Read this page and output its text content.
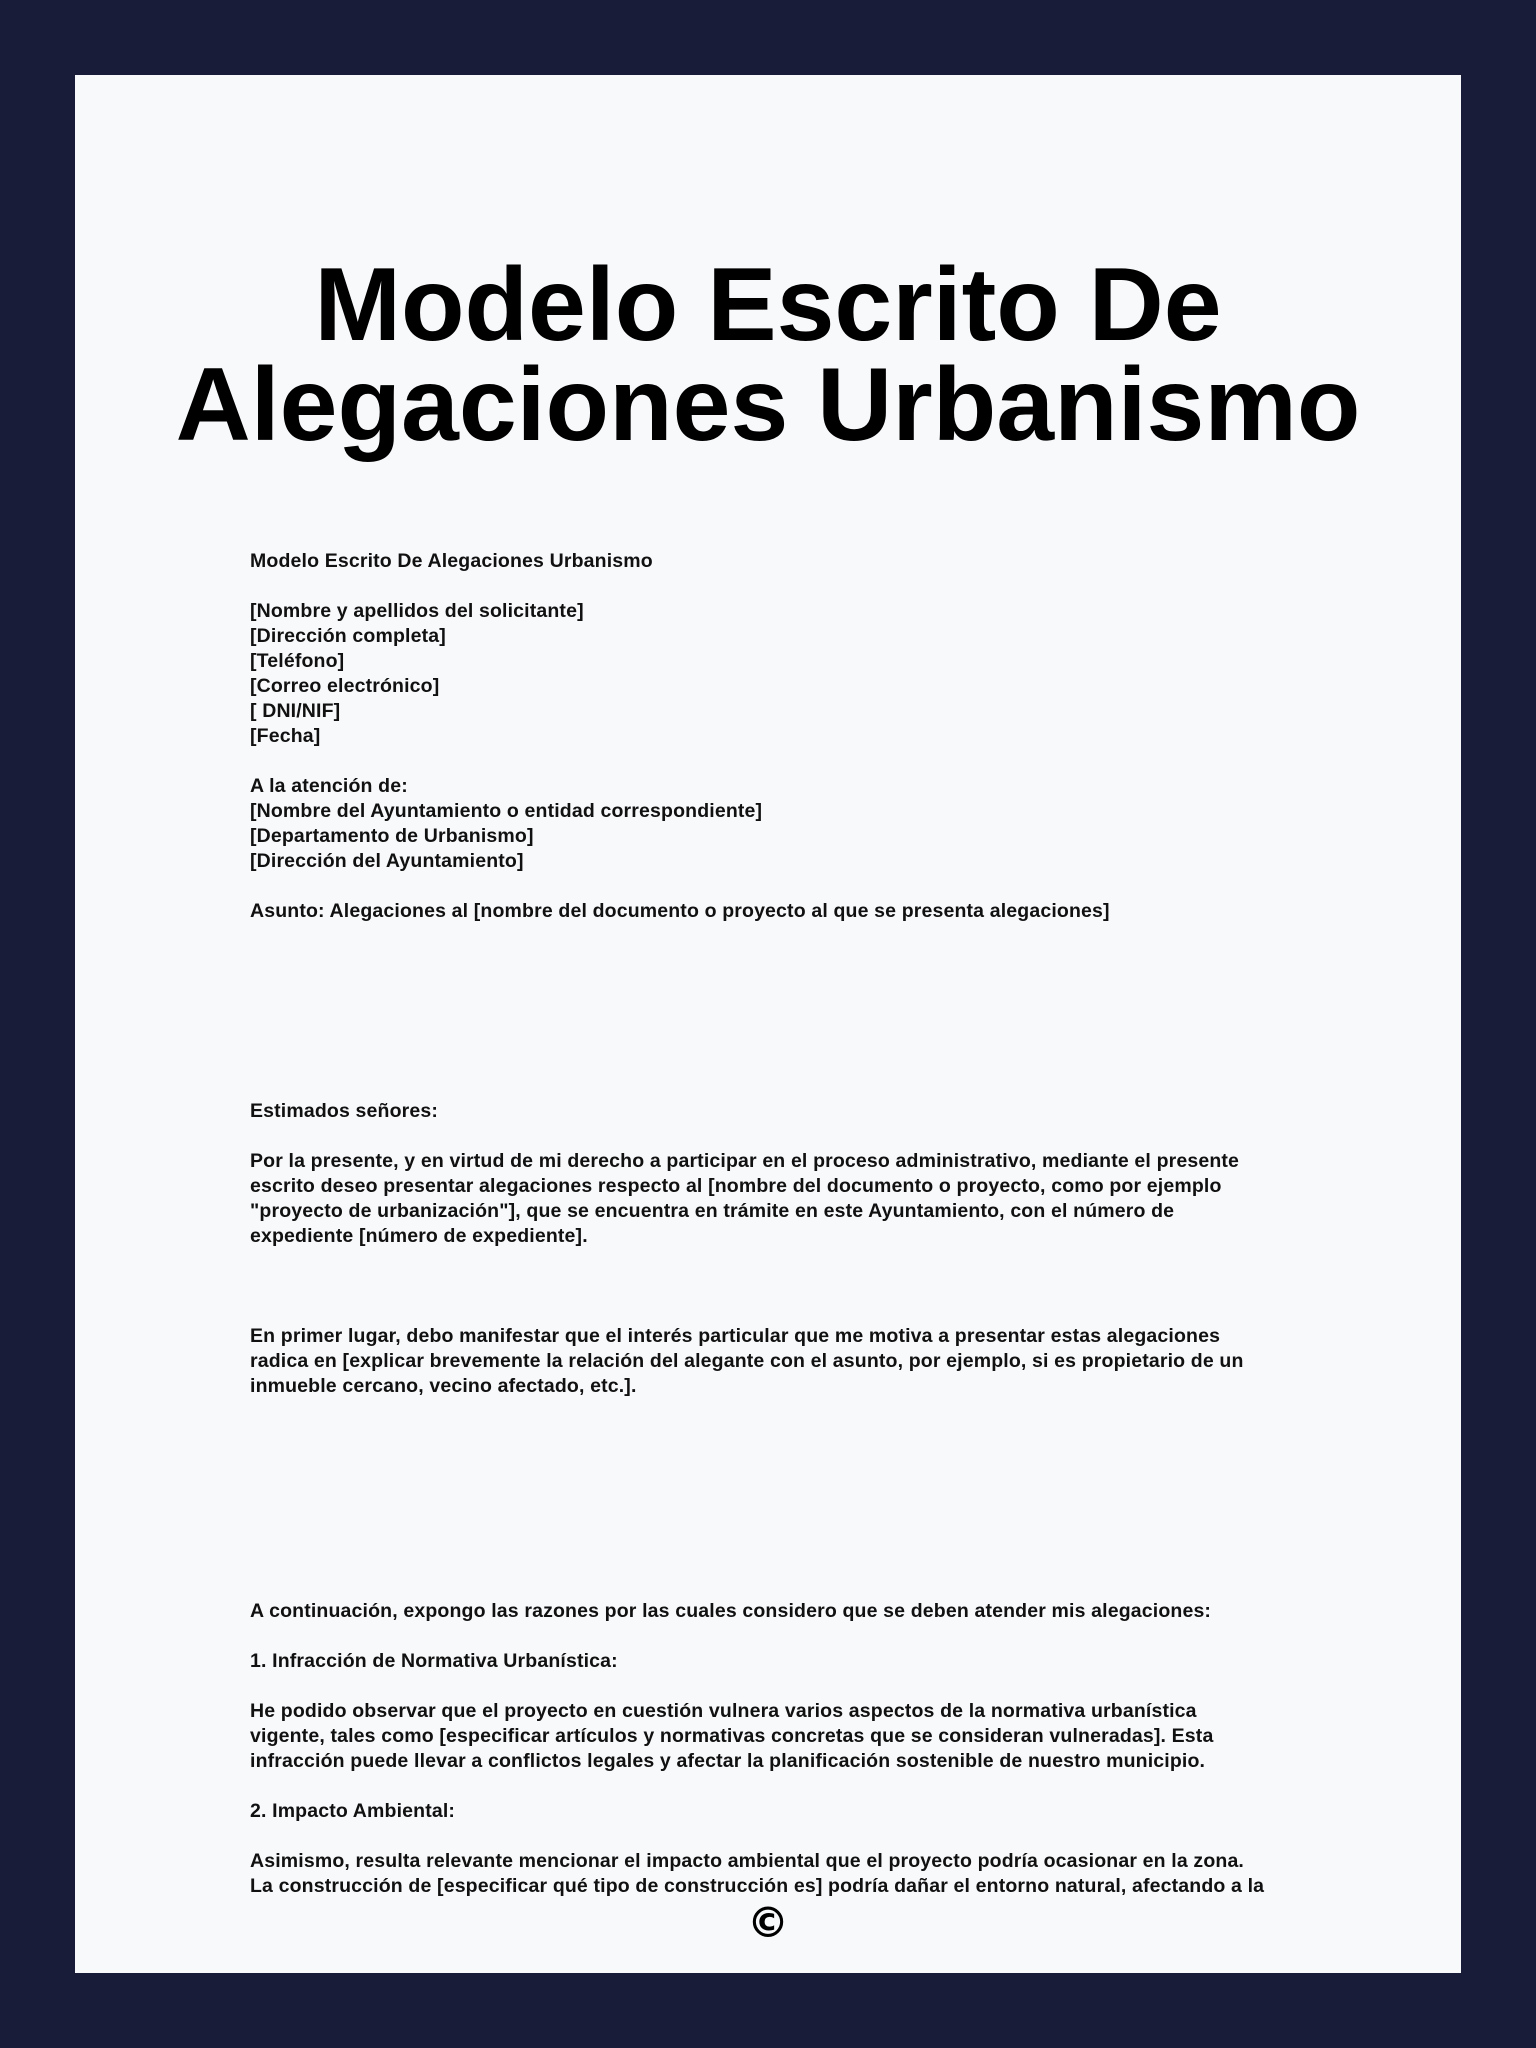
Modelo Escrito De
Alegaciones Urbanismo
Modelo Escrito De Alegaciones Urbanismo
[Nombre y apellidos del solicitante]
[Dirección completa]
[Teléfono]
[Correo electrónico]
[ DNI/NIF]
[Fecha]
A la atención de:
[Nombre del Ayuntamiento o entidad correspondiente]
[Departamento de Urbanismo]
[Dirección del Ayuntamiento]
Asunto: Alegaciones al [nombre del documento o proyecto al que se presenta alegaciones]
Estimados señores:
Por la presente, y en virtud de mi derecho a participar en el proceso administrativo, mediante el presente
escrito deseo presentar alegaciones respecto al [nombre del documento o proyecto, como por ejemplo
"proyecto de urbanización"], que se encuentra en trámite en este Ayuntamiento, con el número de
expediente [número de expediente].
En primer lugar, debo manifestar que el interés particular que me motiva a presentar estas alegaciones
radica en [explicar brevemente la relación del alegante con el asunto, por ejemplo, si es propietario de un
inmueble cercano, vecino afectado, etc.].
A continuación, expongo las razones por las cuales considero que se deben atender mis alegaciones:
1. Infracción de Normativa Urbanística:
He podido observar que el proyecto en cuestión vulnera varios aspectos de la normativa urbanística
vigente, tales como [especificar artículos y normativas concretas que se consideran vulneradas]. Esta
infracción puede llevar a conflictos legales y afectar la planificación sostenible de nuestro municipio.
2. Impacto Ambiental:
Asimismo, resulta relevante mencionar el impacto ambiental que el proyecto podría ocasionar en la zona.
La construcción de [especificar qué tipo de construcción es] podría dañar el entorno natural, afectando a la
©
